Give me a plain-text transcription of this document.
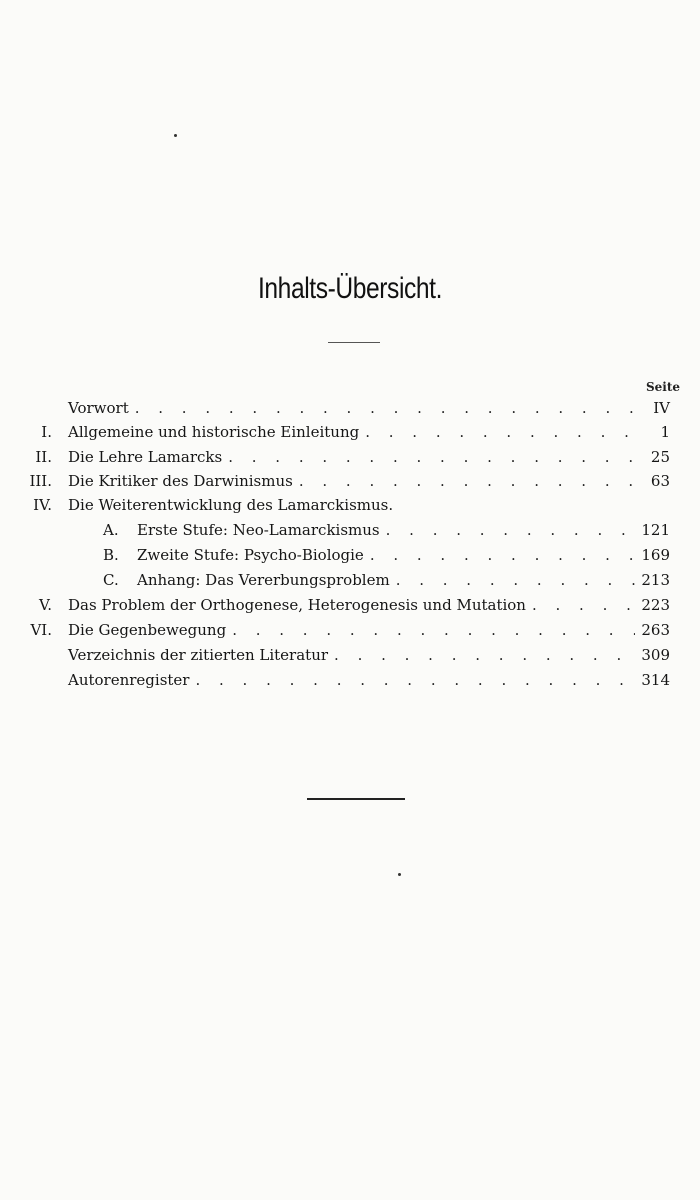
Inhalts-Übersicht.
Seite
Vorwort . . .	IV
I. Allgemeine und historische Einleitung . . .	1
II. Die Lehre Lamarcks . . .	25
III. Die Kritiker des Darwinismus . . .	63
IV. Die Weiterentwicklung des Lamarckismus.
A.	Erste Stufe: Neo-Lamarckismus . . .	121
B.	Zweite Stufe: Psycho-Biologie . . .	169
C.	Anhang: Das Vererbungsproblem . . .	213
V. Das Problem der Orthogenese, Heterogenesis und Mutation . . .	223
VI. Die Gegenbewegung . . .	263
Verzeichnis der zitierten Literatur . . .	309
Autorenregister . . .	314
